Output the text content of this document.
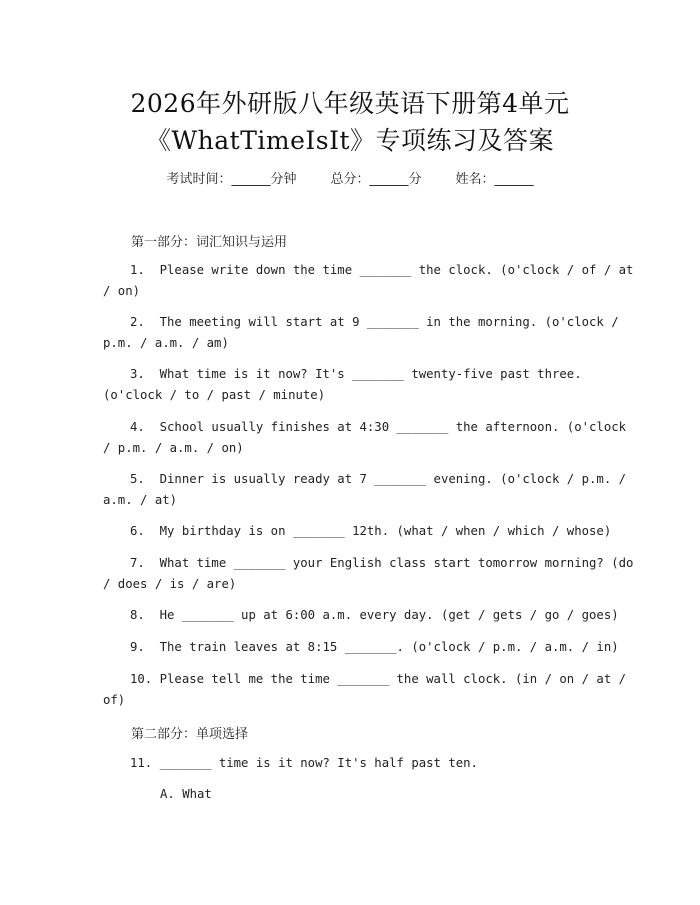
2026年外研版八年级英语下册第4单元
《WhatTimeIsIt》专项练习及答案
考试时间：______分钟	总分：______分	姓名：______
第一部分：词汇知识与运用
1.  Please write down the time _______ the clock. (o'clock / of / at
/ on)
2.  The meeting will start at 9 _______ in the morning. (o'clock /
p.m. / a.m. / am)
3.  What time is it now? It's _______ twenty-five past three.
(o'clock / to / past / minute)
4.  School usually finishes at 4:30 _______ the afternoon. (o'clock
/ p.m. / a.m. / on)
5.  Dinner is usually ready at 7 _______ evening. (o'clock / p.m. /
a.m. / at)
6.  My birthday is on _______ 12th. (what / when / which / whose)
7.  What time _______ your English class start tomorrow morning? (do
/ does / is / are)
8.  He _______ up at 6:00 a.m. every day. (get / gets / go / goes)
9.  The train leaves at 8:15 _______. (o'clock / p.m. / a.m. / in)
10. Please tell me the time _______ the wall clock. (in / on / at /
of)
第二部分：单项选择
11. _______ time is it now? It's half past ten.
A. What
